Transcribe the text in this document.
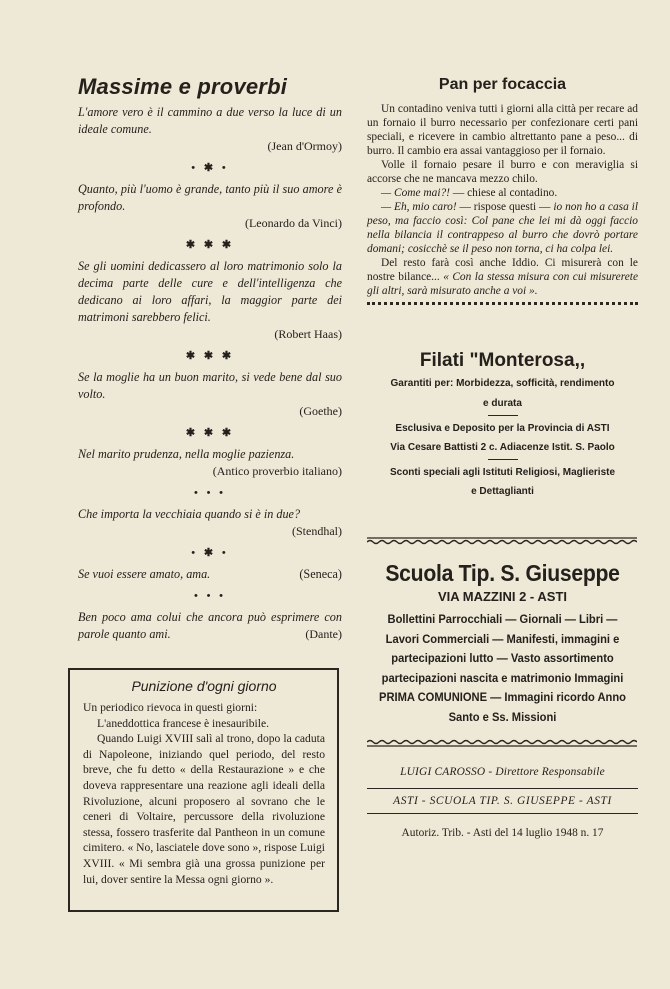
Massime e proverbi
L'amore vero è il cammino a due verso la luce di un ideale comune.
(Jean d'Ormoy)
• ✱ •
Quanto, più l'uomo è grande, tanto più il suo amore è profondo.
(Leonardo da Vinci)
✱ ✱ ✱
Se gli uomini dedicassero al loro matrimonio solo la decima parte delle cure e dell'intelligenza che dedicano ai loro affari, la maggior parte dei matrimoni sarebbero felici.
(Robert Haas)
✱ ✱ ✱
Se la moglie ha un buon marito, si vede bene dal suo volto.
(Goethe)
✱ ✱ ✱
Nel marito prudenza, nella moglie pazienza.
(Antico proverbio italiano)
• • •
Che importa la vecchiaia quando si è in due?
(Stendhal)
• ✱ •
(Seneca)
Se vuoi essere amato, ama.
• • •
Ben poco ama colui che ancora può esprimere con parole quanto ami.	(Dante)
Punizione d'ogni giorno

Un periodico rievoca in questi giorni:

L'aneddottica francese è inesauribile.

Quando Luigi XVIII salì al trono, dopo la caduta di Napoleone, iniziando quel periodo, del resto breve, che fu detto « della Restaurazione » e che doveva rappresentare una reazione agli ideali della Rivoluzione, alcuni proposero al sovrano che le ceneri di Voltaire, percussore della rivoluzione stessa, fossero trasferite dal Pantheon in un comune cimitero. « No, lasciatele dove sono », rispose Luigi XVIII. « Mi sembra già una grossa punizione per lui, dover sentire la Messa ogni giorno ».

Pan per focaccia

Un contadino veniva tutti i giorni alla città per recare ad un fornaio il burro necessario per confezionare certi pani speciali, e ricevere in cambio altrettanto pane a peso... di burro. Il cambio era assai vantaggioso per il fornaio.

Volle il fornaio pesare il burro e con meraviglia si accorse che ne mancava mezzo chilo.

— Come mai?! — chiese al contadino.

— Eh, mio caro! — rispose questi — io non ho a casa il peso, ma faccio così: Col pane che lei mi dà oggi faccio nella bilancia il contrappeso al burro che dovrò portare domani; cosicchè se il peso non torna, ci ha colpa lei.

Del resto farà così anche Iddio. Ci misurerà con le nostre bilance... « Con la stessa misura con cui misurerete gli altri, sarà misurato anche a voi ».

Filati "Monterosa,,
Garantiti per: Morbidezza, sofficità, rendimento
e durata
Esclusiva e Deposito per la Provincia di ASTI
Via Cesare Battisti 2 c. Adiacenze Istit. S. Paolo
Sconti speciali agli Istituti Religiosi, Maglieriste
e Dettaglianti
Scuola Tip. S. Giuseppe
VIA MAZZINI 2 - ASTI
Bollettini Parrocchiali — Giornali — Libri — Lavori Commerciali — Manifesti, immagini e partecipazioni lutto — Vasto assortimento partecipazioni nascita e matrimonio Immagini PRIMA COMUNIONE — Immagini ricordo Anno Santo e Ss. Missioni
LUIGI CAROSSO - Direttore Responsabile
ASTI - SCUOLA TIP. S. GIUSEPPE - ASTI
Autoriz. Trib. - Asti del 14 luglio 1948 n. 17
